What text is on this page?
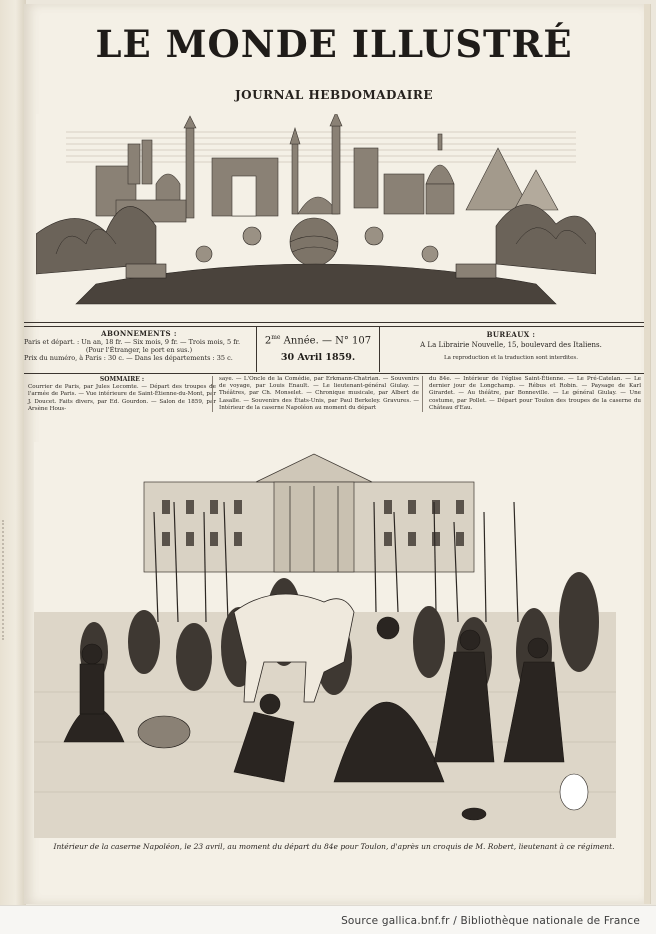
LE MONDE ILLUSTRÉ
JOURNAL HEBDOMADAIRE
ABONNEMENTS :
Paris et départ. : Un an, 18 fr. — Six mois, 9 fr. — Trois mois, 5 fr.
(Pour l'Étranger, le port en sus.)
Prix du numéro, à Paris : 30 c. — Dans les départements : 35 c.
$2^{me}$ Année. — N° 107
30 Avril 1859.
BUREAUX :
A La Librairie Nouvelle, 15, boulevard des Italiens.
La reproduction et la traduction sont interdites.
SOMMAIRE :
Courrier de Paris, par Jules Lecomte. — Départ des troupes de l'armée de Paris. — Vue intérieure de Saint-Étienne-du-Mont, par J. Doucet. Faits divers, par Ed. Gourdon. — Salon de 1859, par Arsène Hous-
saye. — L'Oncle de la Comédie, par Erkmann-Chatrian. — Souvenirs de voyage, par Louis Enault. — Le lieutenant-général Giulay. — Théâtres, par Ch. Monselet. — Chronique musicale, par Albert de Lasalle. — Souvenirs des États-Unis, par Paul Berkeley. Gravures. — Intérieur de la caserne Napoléon au moment du départ
du 84e. — Intérieur de l'église Saint-Étienne. — Le Pré-Catelan. — Le dernier jour de Longchamp. — Rébus et Robin. — Paysage de Karl Girardet. — Au théâtre, par Bonneville. — Le général Giulay. — Une costume, par Pollet. — Départ pour Toulon des troupes de la caserne du Château d'Eau.
Intérieur de la caserne Napoléon, le 23 avril, au moment du départ du 84e pour Toulon, d'après un croquis de M. Robert, lieutenant à ce régiment.
Source gallica.bnf.fr / Bibliothèque nationale de France
